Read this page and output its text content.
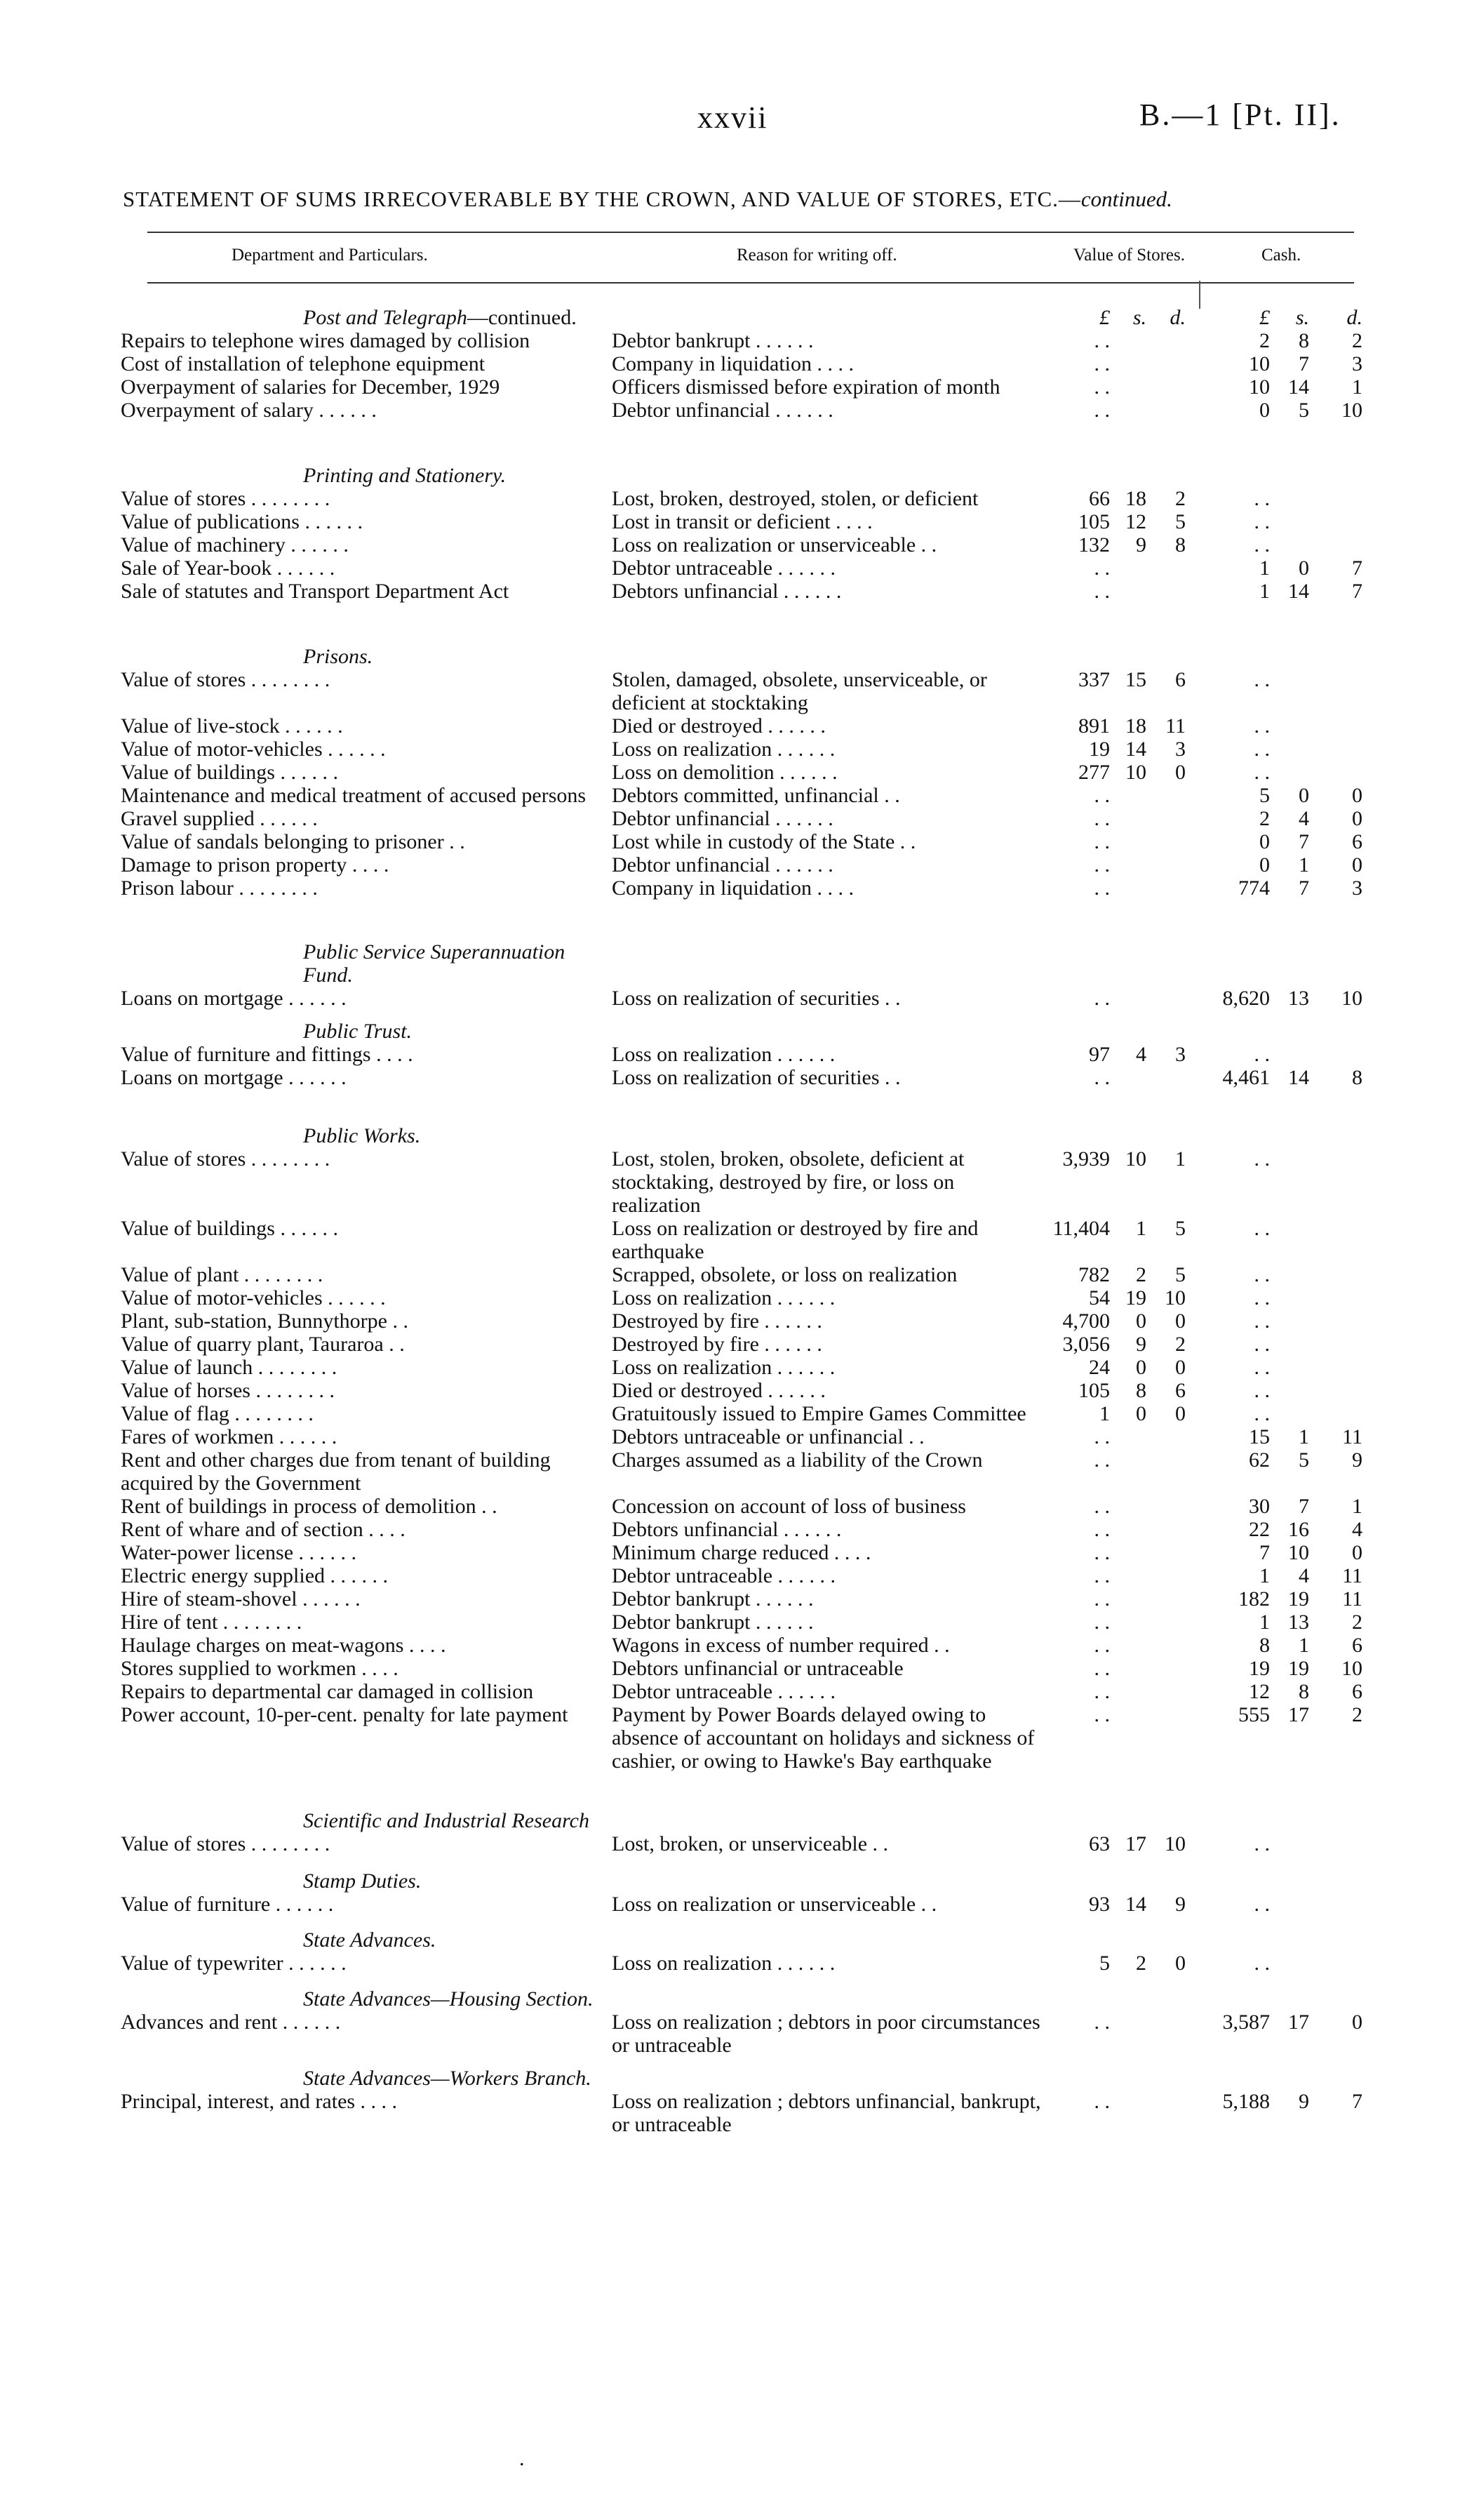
xxvii	B.—1 [Pt. II].
STATEMENT OF SUMS IRRECOVERABLE BY THE CROWN, AND VALUE OF STORES, ETC.—continued.
Department and Particulars.	Reason for writing off.	Value of Stores.	Cash.
Post and Telegraph—continued.		£	s.	d.	£	s.	d.
Repairs to telephone wires damaged by collision	Debtor bankrupt . . . . . .	. .			2	8	2
Cost of installation of telephone equipment	Company in liquidation . . . .	. .			10	7	3
Overpayment of salaries for December, 1929	Officers dismissed before expiration of month	. .			10	14	1
Overpayment of salary . . . . . .	Debtor unfinancial . . . . . .	. .			0	5	10

Printing and Stationery.							
Value of stores . . . . . . . .	Lost, broken, destroyed, stolen, or deficient	66	18	2	. .		
Value of publications . . . . . .	Lost in transit or deficient . . . .	105	12	5	. .		
Value of machinery . . . . . .	Loss on realization or unserviceable . .	132	9	8	. .		
Sale of Year-book . . . . . .	Debtor untraceable . . . . . .	. .			1	0	7
Sale of statutes and Transport Department Act	Debtors unfinancial . . . . . .	. .			1	14	7

Prisons.							
Value of stores . . . . . . . .	Stolen, damaged, obsolete, unserviceable, or deficient at stocktaking	337	15	6	. .		
Value of live-stock . . . . . .	Died or destroyed . . . . . .	891	18	11	. .		
Value of motor-vehicles . . . . . .	Loss on realization . . . . . .	19	14	3	. .		
Value of buildings . . . . . .	Loss on demolition . . . . . .	277	10	0	. .		
Maintenance and medical treatment of accused persons	Debtors committed, unfinancial . .	. .			5	0	0
Gravel supplied . . . . . .	Debtor unfinancial . . . . . .	. .			2	4	0
Value of sandals belonging to prisoner . .	Lost while in custody of the State . .	. .			0	7	6
Damage to prison property . . . .	Debtor unfinancial . . . . . .	. .			0	1	0
Prison labour . . . . . . . .	Company in liquidation . . . .	. .			774	7	3

Public Service Superannuation Fund.							
Loans on mortgage . . . . . .	Loss on realization of securities . .	. .			8,620	13	10

Public Trust.							
Value of furniture and fittings . . . .	Loss on realization . . . . . .	97	4	3	. .		
Loans on mortgage . . . . . .	Loss on realization of securities . .	. .			4,461	14	8

Public Works.							
Value of stores . . . . . . . .	Lost, stolen, broken, obsolete, deficient at stocktaking, destroyed by fire, or loss on realization	3,939	10	1	. .		
Value of buildings . . . . . .	Loss on realization or destroyed by fire and earthquake	11,404	1	5	. .		
Value of plant . . . . . . . .	Scrapped, obsolete, or loss on realization	782	2	5	. .		
Value of motor-vehicles . . . . . .	Loss on realization . . . . . .	54	19	10	. .		
Plant, sub-station, Bunnythorpe . .	Destroyed by fire . . . . . .	4,700	0	0	. .		
Value of quarry plant, Tauraroa . .	Destroyed by fire . . . . . .	3,056	9	2	. .		
Value of launch . . . . . . . .	Loss on realization . . . . . .	24	0	0	. .		
Value of horses . . . . . . . .	Died or destroyed . . . . . .	105	8	6	. .		
Value of flag . . . . . . . .	Gratuitously issued to Empire Games Committee	1	0	0	. .		
Fares of workmen . . . . . .	Debtors untraceable or unfinancial . .	. .			15	1	11
Rent and other charges due from tenant of building acquired by the Government	Charges assumed as a liability of the Crown	. .			62	5	9
Rent of buildings in process of demolition . .	Concession on account of loss of business	. .			30	7	1
Rent of whare and of section . . . .	Debtors unfinancial . . . . . .	. .			22	16	4
Water-power license . . . . . .	Minimum charge reduced . . . .	. .			7	10	0
Electric energy supplied . . . . . .	Debtor untraceable . . . . . .	. .			1	4	11
Hire of steam-shovel . . . . . .	Debtor bankrupt . . . . . .	. .			182	19	11
Hire of tent . . . . . . . .	Debtor bankrupt . . . . . .	. .			1	13	2
Haulage charges on meat-wagons . . . .	Wagons in excess of number required . .	. .			8	1	6
Stores supplied to workmen . . . .	Debtors unfinancial or untraceable	. .			19	19	10
Repairs to departmental car damaged in collision	Debtor untraceable . . . . . .	. .			12	8	6
Power account, 10-per-cent. penalty for late payment	Payment by Power Boards delayed owing to absence of accountant on holidays and sickness of cashier, or owing to Hawke's Bay earthquake	. .			555	17	2

Scientific and Industrial Research							
Value of stores . . . . . . . .	Lost, broken, or unserviceable . .	63	17	10	. .		

Stamp Duties.							
Value of furniture . . . . . .	Loss on realization or unserviceable . .	93	14	9	. .		

State Advances.							
Value of typewriter . . . . . .	Loss on realization . . . . . .	5	2	0	. .		

State Advances—Housing Section.							
Advances and rent . . . . . .	Loss on realization ; debtors in poor circumstances or untraceable	. .			3,587	17	0

State Advances—Workers Branch.							
Principal, interest, and rates . . . .	Loss on realization ; debtors unfinancial, bankrupt, or untraceable	. .			5,188	9	7
.
